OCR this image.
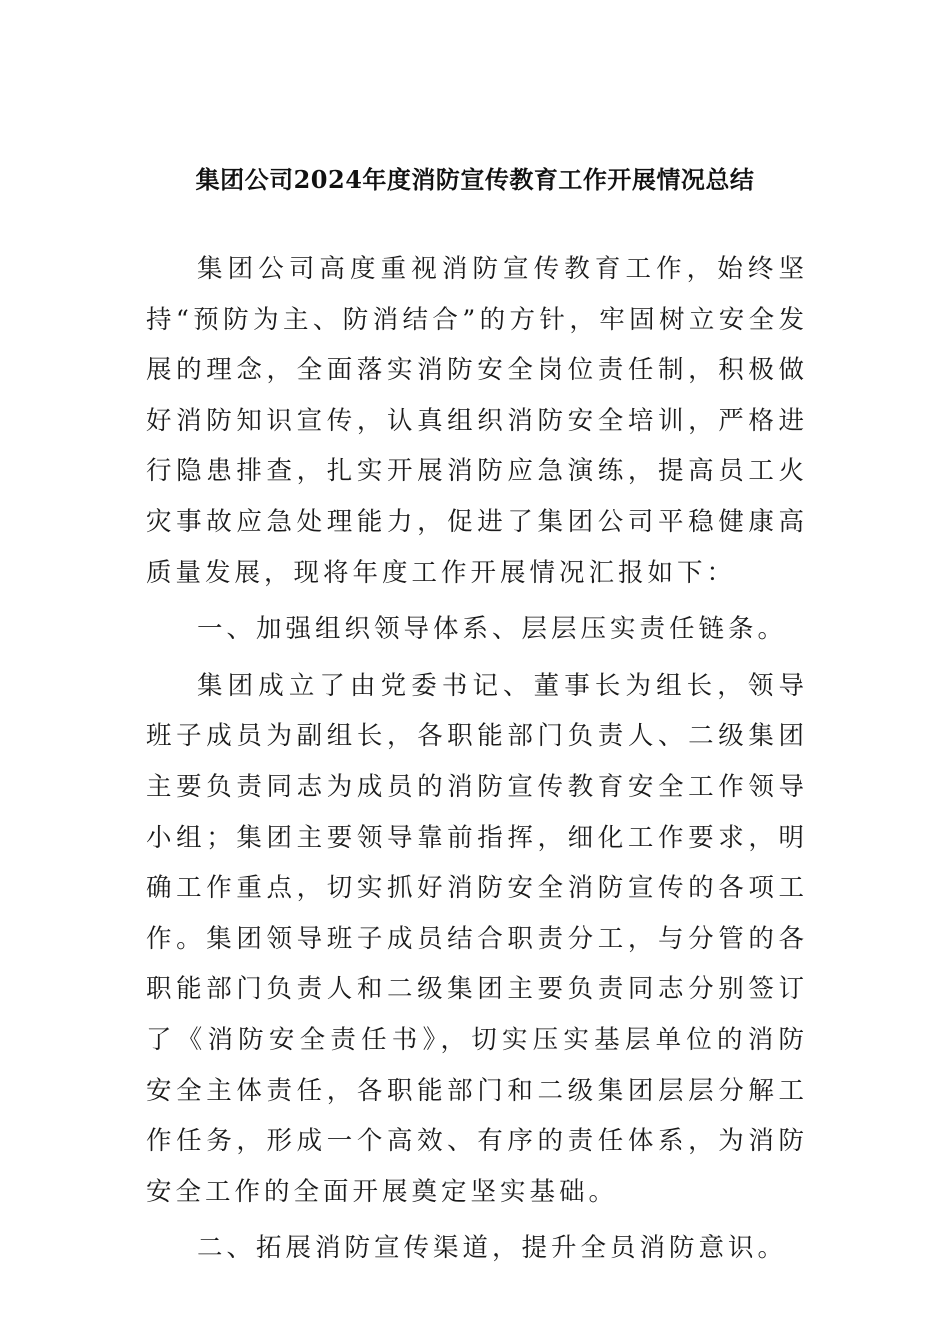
集团公司2024年度消防宣传教育工作开展情况总结

集团公司高度重视消防宣传教育工作，始终坚持“预防为主、防消结合”的方针，牢固树立安全发展的理念，全面落实消防安全岗位责任制，积极做好消防知识宣传，认真组织消防安全培训，严格进行隐患排查，扎实开展消防应急演练，提高员工火灾事故应急处理能力，促进了集团公司平稳健康高质量发展，现将年度工作开展情况汇报如下：

一、加强组织领导体系、层层压实责任链条。

集团成立了由党委书记、董事长为组长，领导班子成员为副组长，各职能部门负责人、二级集团主要负责同志为成员的消防宣传教育安全工作领导小组；集团主要领导靠前指挥，细化工作要求，明确工作重点，切实抓好消防安全消防宣传的各项工作。集团领导班子成员结合职责分工，与分管的各职能部门负责人和二级集团主要负责同志分别签订了《消防安全责任书》，切实压实基层单位的消防安全主体责任，各职能部门和二级集团层层分解工作任务，形成一个高效、有序的责任体系，为消防安全工作的全面开展奠定坚实基础。

二、拓展消防宣传渠道，提升全员消防意识。
